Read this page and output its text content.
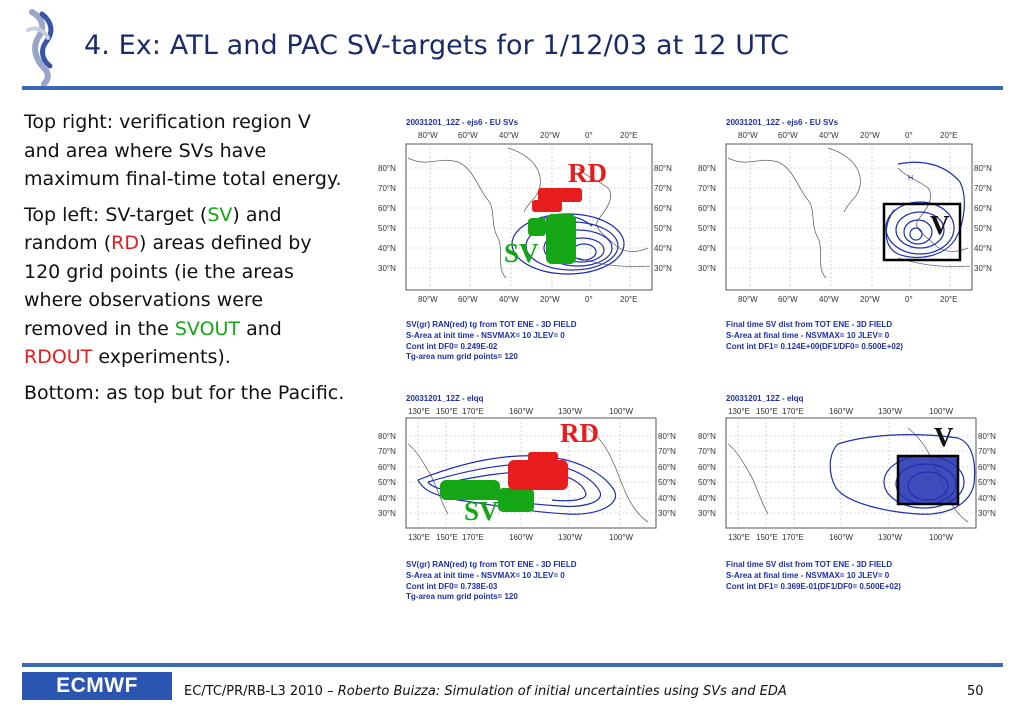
4. Ex: ATL and PAC SV-targets for 1/12/03 at 12 UTC

Top right: verification region V and area where SVs have maximum final-time total energy.

Top left: SV-target (SV) and random (RD) areas defined by 120 grid points (ie the areas where observations were removed in the SVOUT and RDOUT experiments).

Bottom: as top but for the Pacific.

20031201_12Z - ejs6 - EU SVs
80°W	60°W	40°W	20°W	0°	20°E
80°W	60°W	40°W	20°W	0°	20°E
80°N
70°N
60°N
50°N
40°N
30°N
80°N
70°N
60°N
50°N
40°N
30°N
RD
SV
SV(gr) RAN(red) tg from TOT ENE - 3D FIELD
S-Area at init time - NSVMAX= 10 JLEV= 0
Cont int DF0= 0.249E-02
Tg-area num grid points= 120
20031201_12Z - ejs6 - EU SVs
80°W	60°W	40°W	20°W	0°	20°E
80°W	60°W	40°W	20°W	0°	20°E
80°N
70°N
60°N
50°N
40°N
30°N
80°N
70°N
60°N
50°N
40°N
30°N
H
V
Final time SV dist from TOT ENE - 3D FIELD
S-Area at final time - NSVMAX= 10 JLEV= 0
Cont int DF1= 0.124E+00(DF1/DF0= 0.500E+02)
20031201_12Z - elqq
130°E 150°E 170°E	160°W	130°W	100°W
130°E 150°E 170°E	160°W	130°W	100°W
80°N
70°N
60°N
50°N
40°N
30°N
80°N
70°N
60°N
50°N
40°N
30°N
RD
SV
SV(gr) RAN(red) tg from TOT ENE - 3D FIELD
S-Area at init time - NSVMAX= 10 JLEV= 0
Cont int DF0= 0.738E-03
Tg-area num grid points= 120
20031201_12Z - elqq
130°E 150°E 170°E	160°W	130°W	100°W
130°E 150°E 170°E	160°W	130°W	100°W
80°N
70°N
60°N
50°N
40°N
30°N
80°N
70°N
60°N
50°N
40°N
30°N
V
Final time SV dist from TOT ENE - 3D FIELD
S-Area at final time - NSVMAX= 10 JLEV= 0
Cont int DF1= 0.369E-01(DF1/DF0= 0.500E+02)
ECMWF	EC/TC/PR/RB-L3 2010 – Roberto Buizza: Simulation of initial uncertainties using SVs and EDA	50
